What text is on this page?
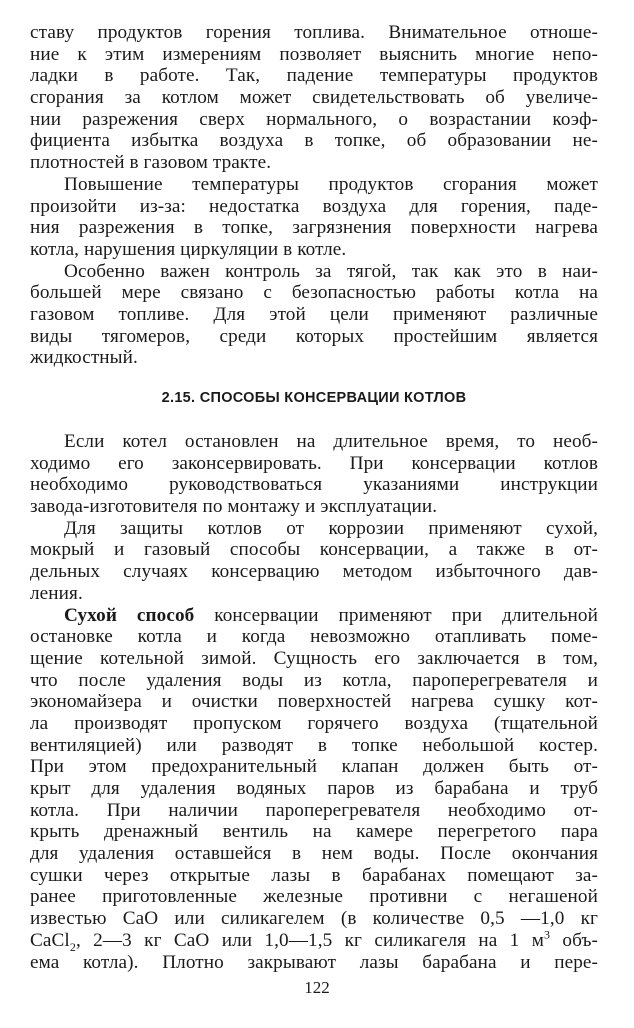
ставу продуктов горения топлива. Внимательное отноше-
ние к этим измерениям позволяет выяснить многие непо-
ладки в работе. Так, падение температуры продуктов
сгорания за котлом может свидетельствовать об увеличе-
нии разрежения сверх нормального, о возрастании коэф-
фициента избытка воздуха в топке, об образовании не-
плотностей в газовом тракте.
Повышение температуры продуктов сгорания может
произойти из-за: недостатка воздуха для горения, паде-
ния разрежения в топке, загрязнения поверхности нагрева
котла, нарушения циркуляции в котле.
Особенно важен контроль за тягой, так как это в наи-
большей мере связано с безопасностью работы котла на
газовом топливе. Для этой цели применяют различные
виды тягомеров, среди которых простейшим является
жидкостный.
2.15. СПОСОБЫ КОНСЕРВАЦИИ КОТЛОВ
Если котел остановлен на длительное время, то необ-
ходимо его законсервировать. При консервации котлов
необходимо руководствоваться указаниями инструкции
завода-изготовителя по монтажу и эксплуатации.
Для защиты котлов от коррозии применяют сухой,
мокрый и газовый способы консервации, а также в от-
дельных случаях консервацию методом избыточного дав-
ления.
Сухой способ консервации применяют при длительной
остановке котла и когда невозможно отапливать поме-
щение котельной зимой. Сущность его заключается в том,
что после удаления воды из котла, пароперегревателя и
экономайзера и очистки поверхностей нагрева сушку кот-
ла производят пропуском горячего воздуха (тщательной
вентиляцией) или разводят в топке небольшой костер.
При этом предохранительный клапан должен быть от-
крыт для удаления водяных паров из барабана и труб
котла. При наличии пароперегревателя необходимо от-
крыть дренажный вентиль на камере перегретого пара
для удаления оставшейся в нем воды. После окончания
сушки через открытые лазы в барабанах помещают за-
ранее приготовленные железные противни с негашеной
известью CaO или силикагелем (в количестве 0,5 —1,0 кг
CaCl$_2$, 2—3 кг CaO или 1,0—1,5 кг силикагеля на 1 $м^3$ объ-
ема котла). Плотно закрывают лазы барабана и пере-
122
